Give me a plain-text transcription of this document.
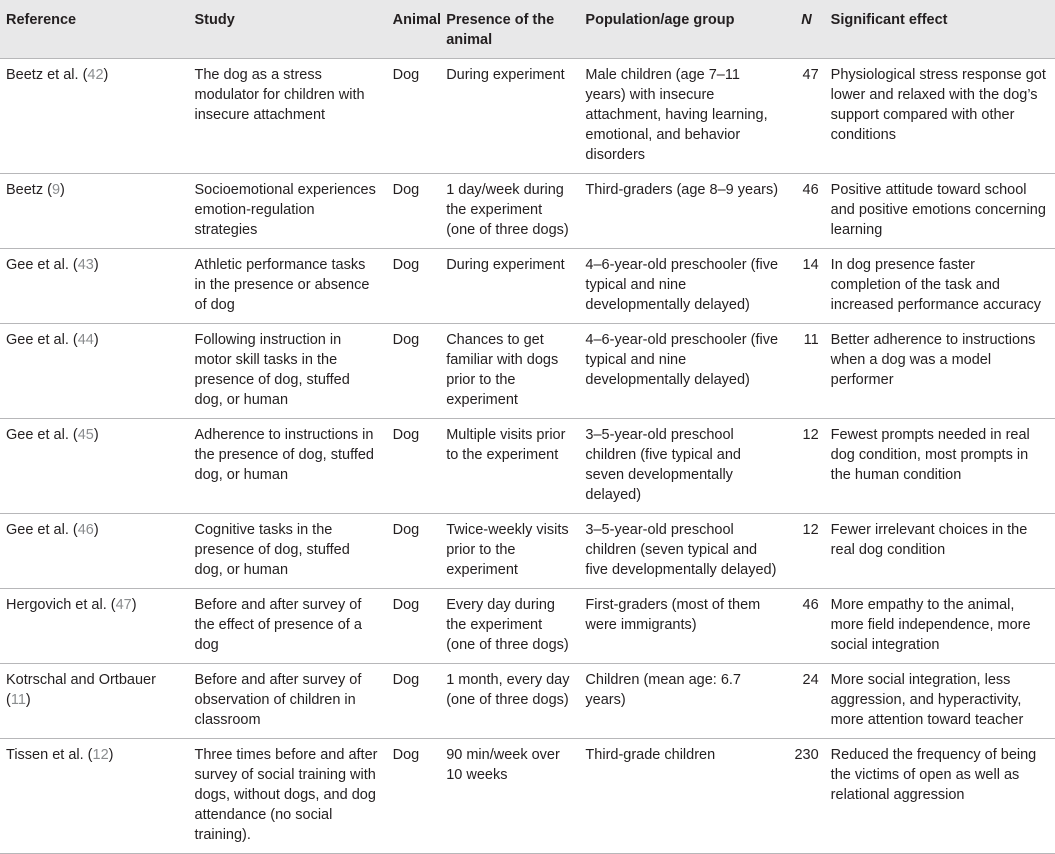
Reference	Study	Animal	Presence of the animal	Population/age group	N	Significant effect
Beetz et al. (42)	The dog as a stress modulator for children with insecure attachment	Dog	During experiment	Male children (age 7–11 years) with insecure attachment, having learning, emotional, and behavior disorders	47	Physiological stress response got lower and relaxed with the dog’s support compared with other conditions
Beetz (9)	Socioemotional experiences emotion-regulation strategies	Dog	1 day/week during the experiment (one of three dogs)	Third-graders (age 8–9 years)	46	Positive attitude toward school and positive emotions concerning learning
Gee et al. (43)	Athletic performance tasks in the presence or absence of dog	Dog	During experiment	4–6-year-old preschooler (five typical and nine developmentally delayed)	14	In dog presence faster completion of the task and increased performance accuracy
Gee et al. (44)	Following instruction in motor skill tasks in the presence of dog, stuffed dog, or human	Dog	Chances to get familiar with dogs prior to the experiment	4–6-year-old preschooler (five typical and nine developmentally delayed)	11	Better adherence to instructions when a dog was a model performer
Gee et al. (45)	Adherence to instructions in the presence of dog, stuffed dog, or human	Dog	Multiple visits prior to the experiment	3–5-year-old preschool children (five typical and seven developmentally delayed)	12	Fewest prompts needed in real dog condition, most prompts in the human condition
Gee et al. (46)	Cognitive tasks in the presence of dog, stuffed dog, or human	Dog	Twice-weekly visits prior to the experiment	3–5-year-old preschool children (seven typical and five developmentally delayed)	12	Fewer irrelevant choices in the real dog condition
Hergovich et al. (47)	Before and after survey of the effect of presence of a dog	Dog	Every day during the experiment (one of three dogs)	First-graders (most of them were immigrants)	46	More empathy to the animal, more field independence, more social integration
Kotrschal and Ortbauer (11)	Before and after survey of observation of children in classroom	Dog	1 month, every day (one of three dogs)	Children (mean age: 6.7 years)	24	More social integration, less aggression, and hyperactivity, more attention toward teacher
Tissen et al. (12)	Three times before and after survey of social training with dogs, without dogs, and dog attendance (no social training).	Dog	90 min/week over 10 weeks	Third-grade children	230	Reduced the frequency of being the victims of open as well as relational aggression
